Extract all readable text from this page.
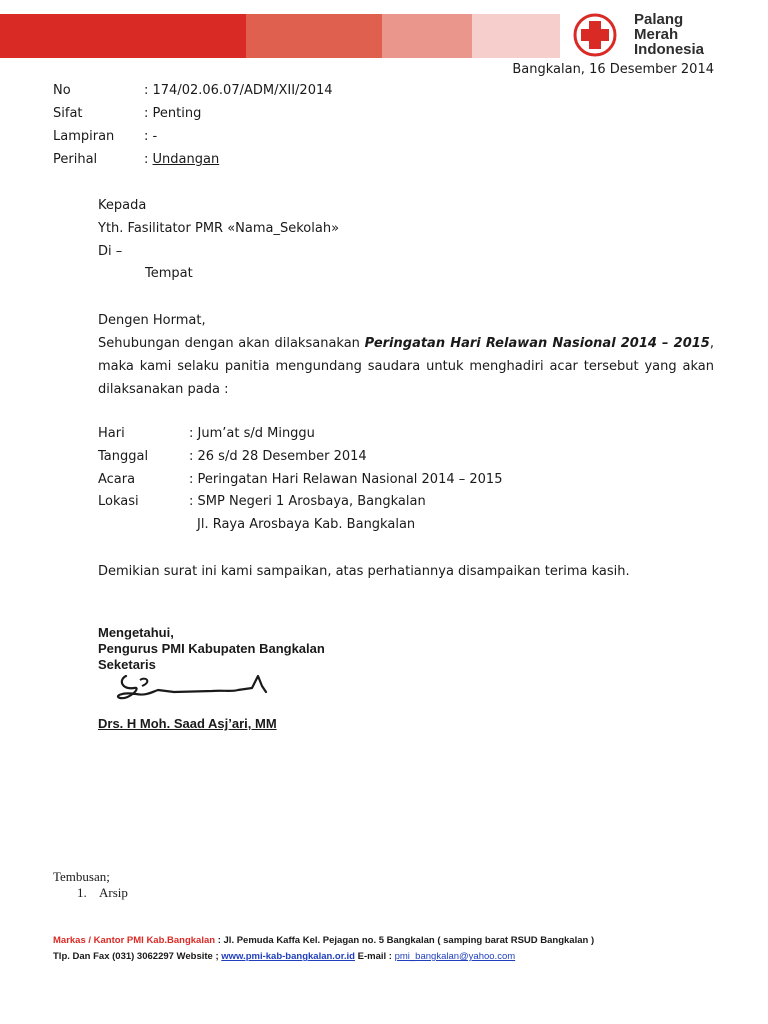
Palang
Merah
Indonesia
Bangkalan, 16 Desember 2014
No	: 174/02.06.07/ADM/XII/2014
Sifat	: Penting
Lampiran : -
Perihal	: Undangan
Kepada
Yth. Fasilitator PMR «Nama_Sekolah»
Di –
Tempat
Dengen Hormat,
Sehubungan dengan akan dilaksanakan Peringatan Hari Relawan Nasional 2014 – 2015, maka kami selaku panitia mengundang saudara untuk menghadiri acar tersebut yang akan dilaksanakan pada :
Hari	: Jum’at s/d Minggu
Tanggal	: 26 s/d 28 Desember 2014
Acara	: Peringatan Hari Relawan Nasional 2014 – 2015
Lokasi	: SMP Negeri 1 Arosbaya, Bangkalan
Jl. Raya Arosbaya Kab. Bangkalan
Demikian surat ini kami sampaikan, atas perhatiannya disampaikan terima kasih.
Mengetahui,
Pengurus PMI Kabupaten Bangkalan
Seketaris
Drs. H Moh. Saad Asj’ari, MM
Tembusan;
1. Arsip
Markas / Kantor PMI Kab.Bangkalan : Jl. Pemuda Kaffa Kel. Pejagan no. 5 Bangkalan ( samping barat RSUD Bangkalan )
Tlp. Dan Fax (031) 3062297 Website ; www.pmi-kab-bangkalan.or.id E-mail : pmi_bangkalan@yahoo.com
